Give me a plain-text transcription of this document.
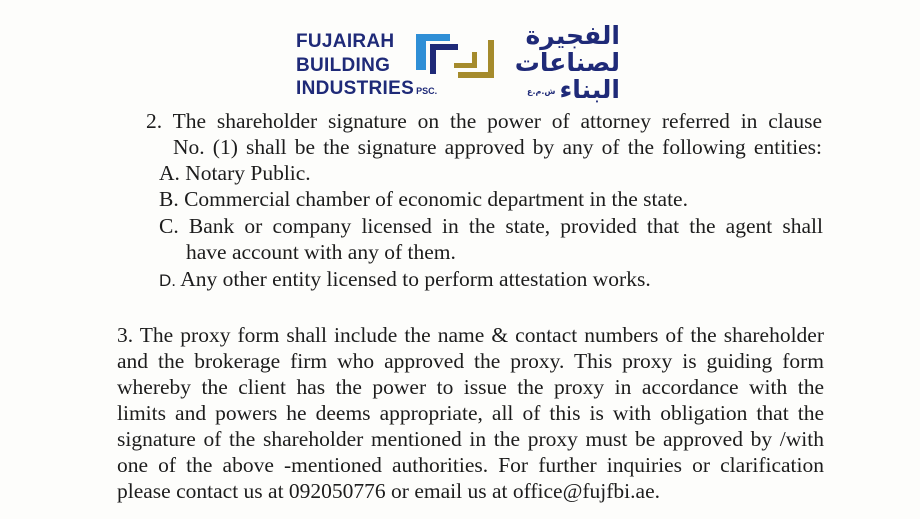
FUJAIRAH
BUILDING
INDUSTRIES PSC.
الفجيرة
لصناعات
البناءش.م.ع
2. The shareholder signature on the power of attorney referred in clause
No. (1) shall be the signature approved by any of the following entities:
A. Notary Public.
B. Commercial chamber of economic department in the state.
C. Bank or company licensed in the state, provided that the agent shall
have account with any of them.
D. Any other entity licensed to perform attestation works.
3. The proxy form shall include the name & contact numbers of the shareholder
and the brokerage firm who approved the proxy. This proxy is guiding form
whereby the client has the power to issue the proxy in accordance with the
limits and powers he deems appropriate, all of this is with obligation that the
signature of the shareholder mentioned in the proxy must be approved by /with
one of the above -mentioned authorities. For further inquiries or clarification
please contact us at 092050776 or email us at office@fujfbi.ae.
